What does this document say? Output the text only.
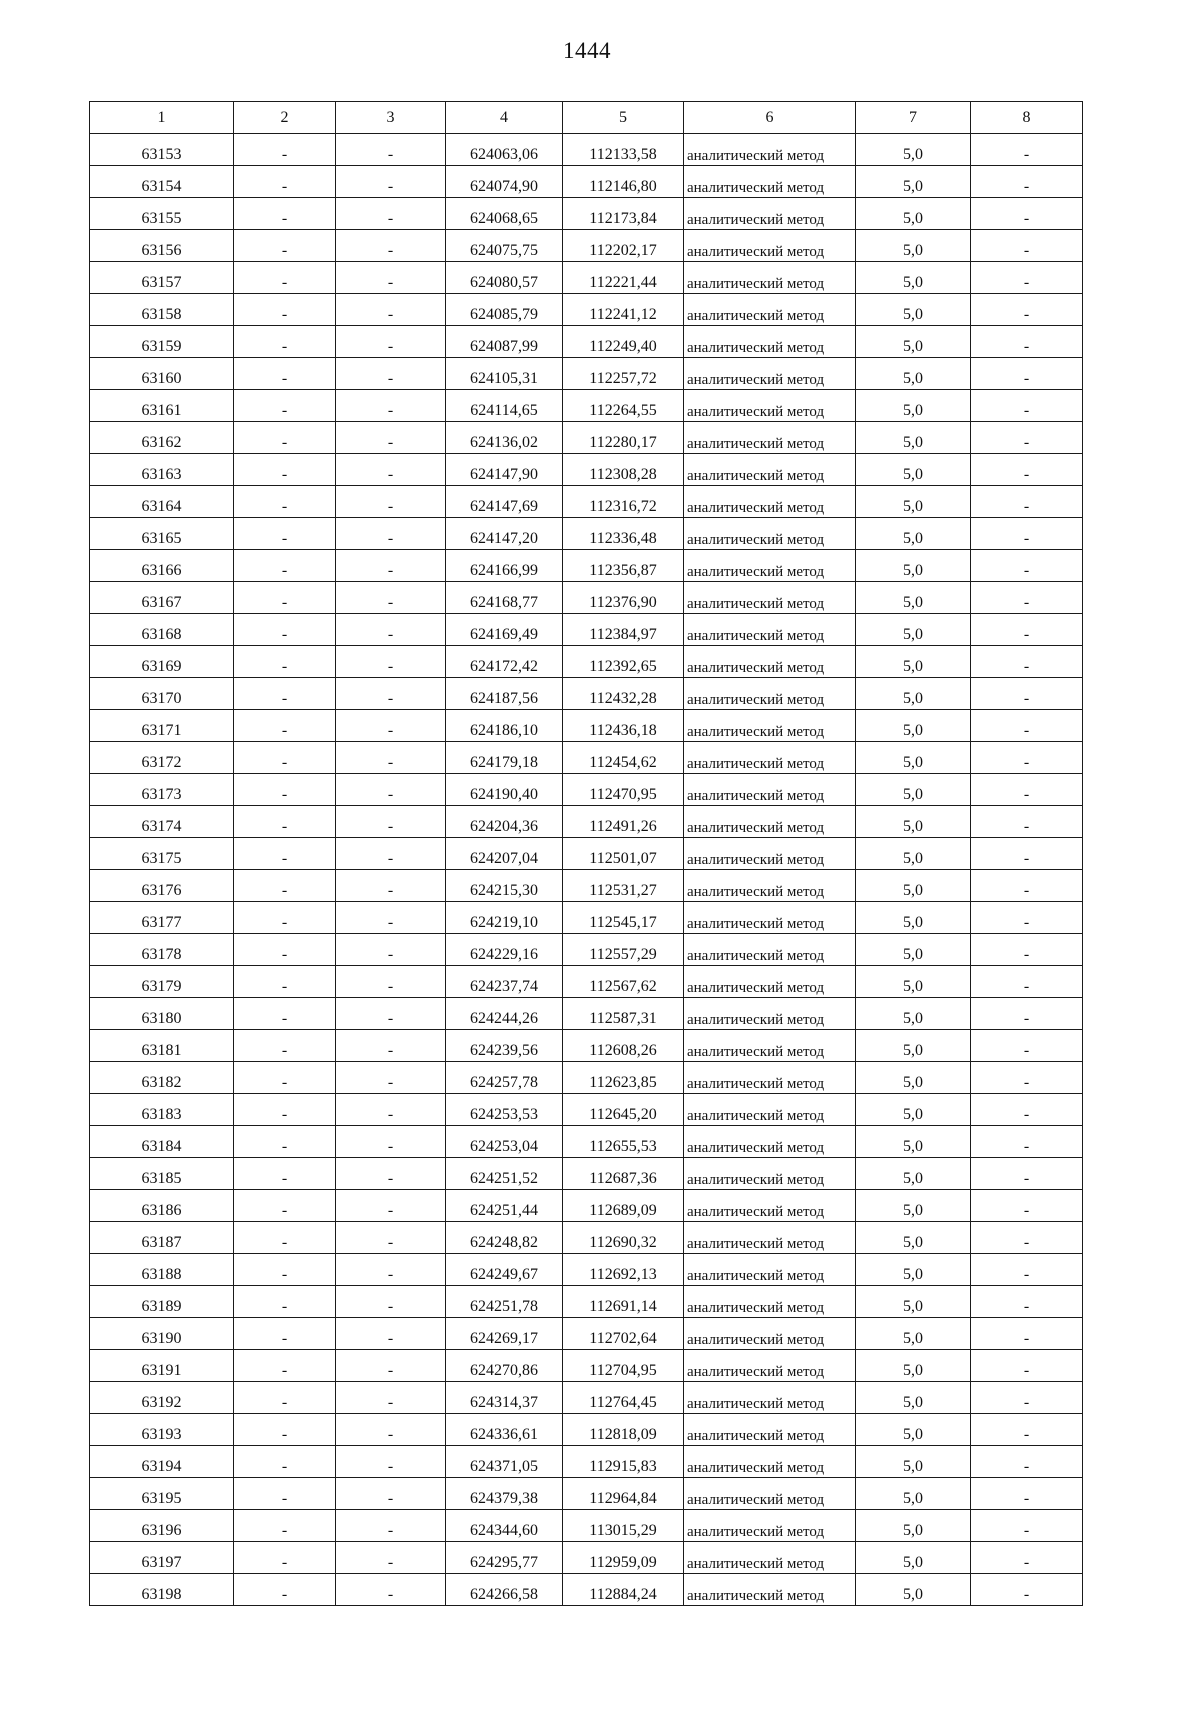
1444
1	2	3	4	5	6	7	8
63153	-	-	624063,06	112133,58	аналитический метод	5,0	-
63154	-	-	624074,90	112146,80	аналитический метод	5,0	-
63155	-	-	624068,65	112173,84	аналитический метод	5,0	-
63156	-	-	624075,75	112202,17	аналитический метод	5,0	-
63157	-	-	624080,57	112221,44	аналитический метод	5,0	-
63158	-	-	624085,79	112241,12	аналитический метод	5,0	-
63159	-	-	624087,99	112249,40	аналитический метод	5,0	-
63160	-	-	624105,31	112257,72	аналитический метод	5,0	-
63161	-	-	624114,65	112264,55	аналитический метод	5,0	-
63162	-	-	624136,02	112280,17	аналитический метод	5,0	-
63163	-	-	624147,90	112308,28	аналитический метод	5,0	-
63164	-	-	624147,69	112316,72	аналитический метод	5,0	-
63165	-	-	624147,20	112336,48	аналитический метод	5,0	-
63166	-	-	624166,99	112356,87	аналитический метод	5,0	-
63167	-	-	624168,77	112376,90	аналитический метод	5,0	-
63168	-	-	624169,49	112384,97	аналитический метод	5,0	-
63169	-	-	624172,42	112392,65	аналитический метод	5,0	-
63170	-	-	624187,56	112432,28	аналитический метод	5,0	-
63171	-	-	624186,10	112436,18	аналитический метод	5,0	-
63172	-	-	624179,18	112454,62	аналитический метод	5,0	-
63173	-	-	624190,40	112470,95	аналитический метод	5,0	-
63174	-	-	624204,36	112491,26	аналитический метод	5,0	-
63175	-	-	624207,04	112501,07	аналитический метод	5,0	-
63176	-	-	624215,30	112531,27	аналитический метод	5,0	-
63177	-	-	624219,10	112545,17	аналитический метод	5,0	-
63178	-	-	624229,16	112557,29	аналитический метод	5,0	-
63179	-	-	624237,74	112567,62	аналитический метод	5,0	-
63180	-	-	624244,26	112587,31	аналитический метод	5,0	-
63181	-	-	624239,56	112608,26	аналитический метод	5,0	-
63182	-	-	624257,78	112623,85	аналитический метод	5,0	-
63183	-	-	624253,53	112645,20	аналитический метод	5,0	-
63184	-	-	624253,04	112655,53	аналитический метод	5,0	-
63185	-	-	624251,52	112687,36	аналитический метод	5,0	-
63186	-	-	624251,44	112689,09	аналитический метод	5,0	-
63187	-	-	624248,82	112690,32	аналитический метод	5,0	-
63188	-	-	624249,67	112692,13	аналитический метод	5,0	-
63189	-	-	624251,78	112691,14	аналитический метод	5,0	-
63190	-	-	624269,17	112702,64	аналитический метод	5,0	-
63191	-	-	624270,86	112704,95	аналитический метод	5,0	-
63192	-	-	624314,37	112764,45	аналитический метод	5,0	-
63193	-	-	624336,61	112818,09	аналитический метод	5,0	-
63194	-	-	624371,05	112915,83	аналитический метод	5,0	-
63195	-	-	624379,38	112964,84	аналитический метод	5,0	-
63196	-	-	624344,60	113015,29	аналитический метод	5,0	-
63197	-	-	624295,77	112959,09	аналитический метод	5,0	-
63198	-	-	624266,58	112884,24	аналитический метод	5,0	-
